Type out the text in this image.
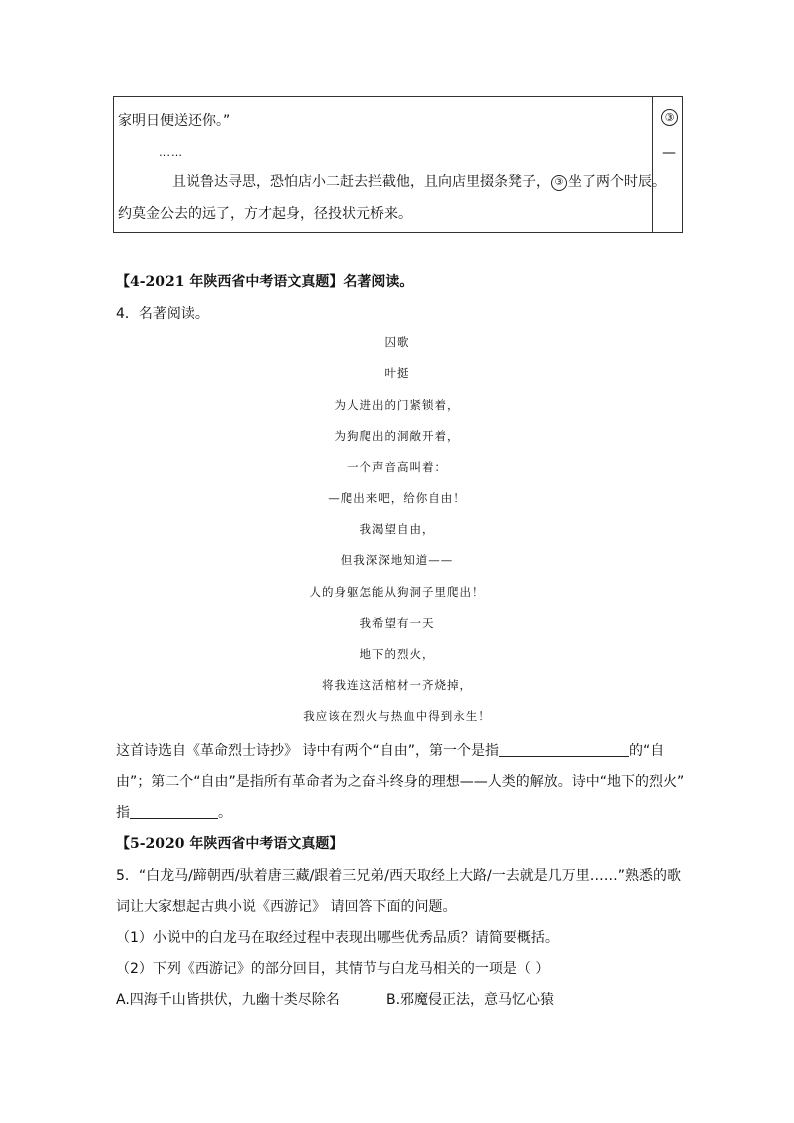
家明日便送还你。”
……
且说鲁达寻思，恐怕店小二赶去拦截他，且向店里掇条凳子， ③ 坐了两个时辰。
约莫金公去的远了，方才起身，径投状元桥来。
③
—
【4-2021 年陕西省中考语文真题】名著阅读。
4．名著阅读。
囚歌
叶挺
为人进出的门紧锁着，
为狗爬出的洞敞开着，
一个声音高叫着：
—爬出来吧，给你自由！
我渴望自由，
但我深深地知道——
人的身躯怎能从狗洞子里爬出！
我希望有一天
地下的烈火，
将我连这活棺材一齐烧掉，
我应该在烈火与热血中得到永生！
这首诗选自《革命烈士诗抄》 诗中有两个“自由”，第一个是指	的“自
由”；第二个“自由”是指所有革命者为之奋斗终身的理想——人类的解放。诗中“地下的烈火”
指	。
【5-2020 年陕西省中考语文真题】
5．“白龙马/蹄朝西/驮着唐三藏/跟着三兄弟/西天取经上大路/一去就是几万里……”熟悉的歌
词让大家想起古典小说《西游记》 请回答下面的问题。
（1）小说中的白龙马在取经过程中表现出哪些优秀品质？请简要概括。
（2）下列《西游记》的部分回目，其情节与白龙马相关的一项是（ ）
A.四海千山皆拱伏，九幽十类尽除名	B.邪魔侵正法，意马忆心猿
